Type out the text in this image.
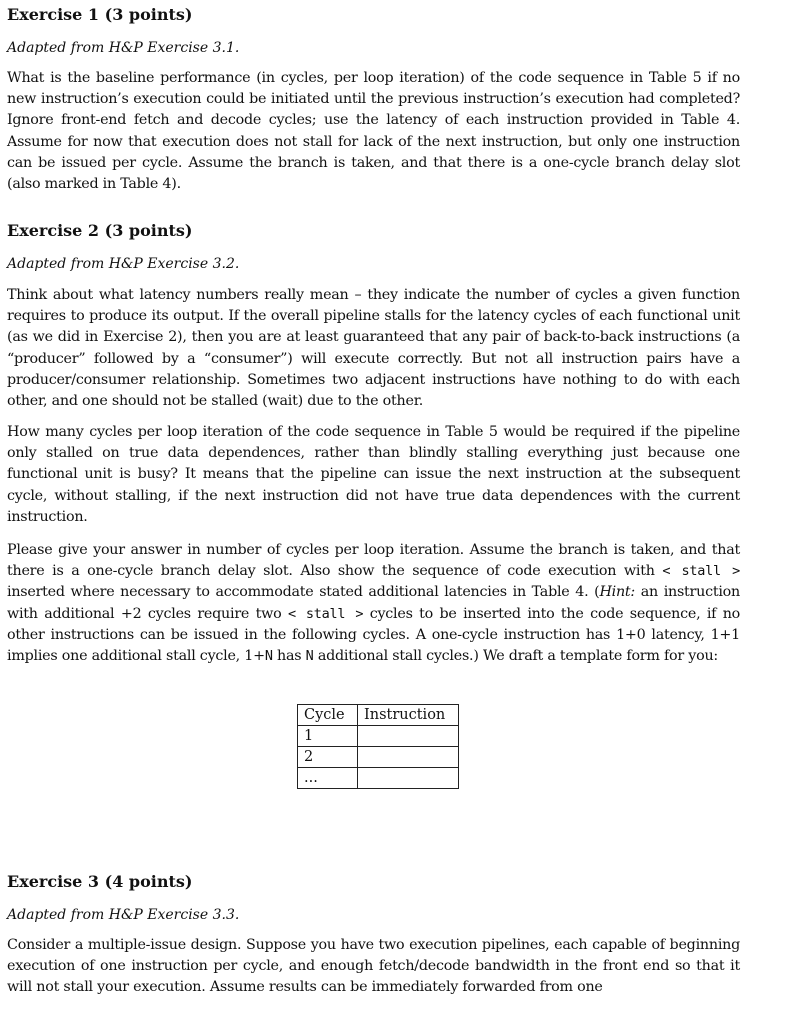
Exercise 1 (3 points)
Adapted from H&P Exercise 3.1.

What is the baseline performance (in cycles, per loop iteration) of the code sequence in Table 5 if no new instruction’s execution could be initiated until the previous instruction’s execution had completed? Ignore front-end fetch and decode cycles; use the latency of each instruction provided in Table 4. Assume for now that execution does not stall for lack of the next instruction, but only one instruction can be issued per cycle. Assume the branch is taken, and that there is a one-cycle branch delay slot (also marked in Table 4).

Exercise 2 (3 points)
Adapted from H&P Exercise 3.2.

Think about what latency numbers really mean – they indicate the number of cycles a given function requires to produce its output. If the overall pipeline stalls for the latency cycles of each functional unit (as we did in Exercise 2), then you are at least guaranteed that any pair of back-to-back instructions (a “producer” followed by a “consumer”) will execute correctly. But not all instruction pairs have a producer/consumer relationship. Sometimes two adjacent instructions have nothing to do with each other, and one should not be stalled (wait) due to the other.

How many cycles per loop iteration of the code sequence in Table 5 would be required if the pipeline only stalled on true data dependences, rather than blindly stalling everything just because one functional unit is busy? It means that the pipeline can issue the next instruction at the subsequent cycle, without stalling, if the next instruction did not have true data dependences with the current instruction.

Please give your answer in number of cycles per loop iteration. Assume the branch is taken, and that there is a one-cycle branch delay slot. Also show the sequence of code execution with < stall > inserted where necessary to accommodate stated additional latencies in Table 4. (Hint: an instruction with additional +2 cycles require two < stall > cycles to be inserted into the code sequence, if no other instructions can be issued in the following cycles. A one-cycle instruction has 1+0 latency, 1+1 implies one additional stall cycle, 1+N has N additional stall cycles.) We draft a template form for you:

Cycle	Instruction
1	
2	
...	
Exercise 3 (4 points)
Adapted from H&P Exercise 3.3.

Consider a multiple-issue design. Suppose you have two execution pipelines, each capable of beginning execution of one instruction per cycle, and enough fetch/decode bandwidth in the front end so that it will not stall your execution. Assume results can be immediately forwarded from one
